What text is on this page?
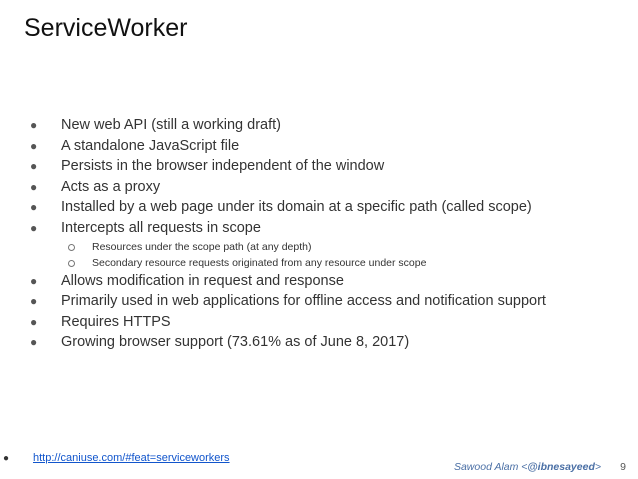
ServiceWorker
● New web API (still a working draft)
● A standalone JavaScript file
● Persists in the browser independent of the window
● Acts as a proxy
● Installed by a web page under its domain at a specific path (called scope)
● Intercepts all requests in scope
Resources under the scope path (at any depth)
Secondary resource requests originated from any resource under scope
● Allows modification in request and response
● Primarily used in web applications for offline access and notification support
● Requires HTTPS
● Growing browser support (73.61% as of June 8, 2017)
● http://caniuse.com/#feat=serviceworkers
Sawood Alam <@ibnesayeed> 9
